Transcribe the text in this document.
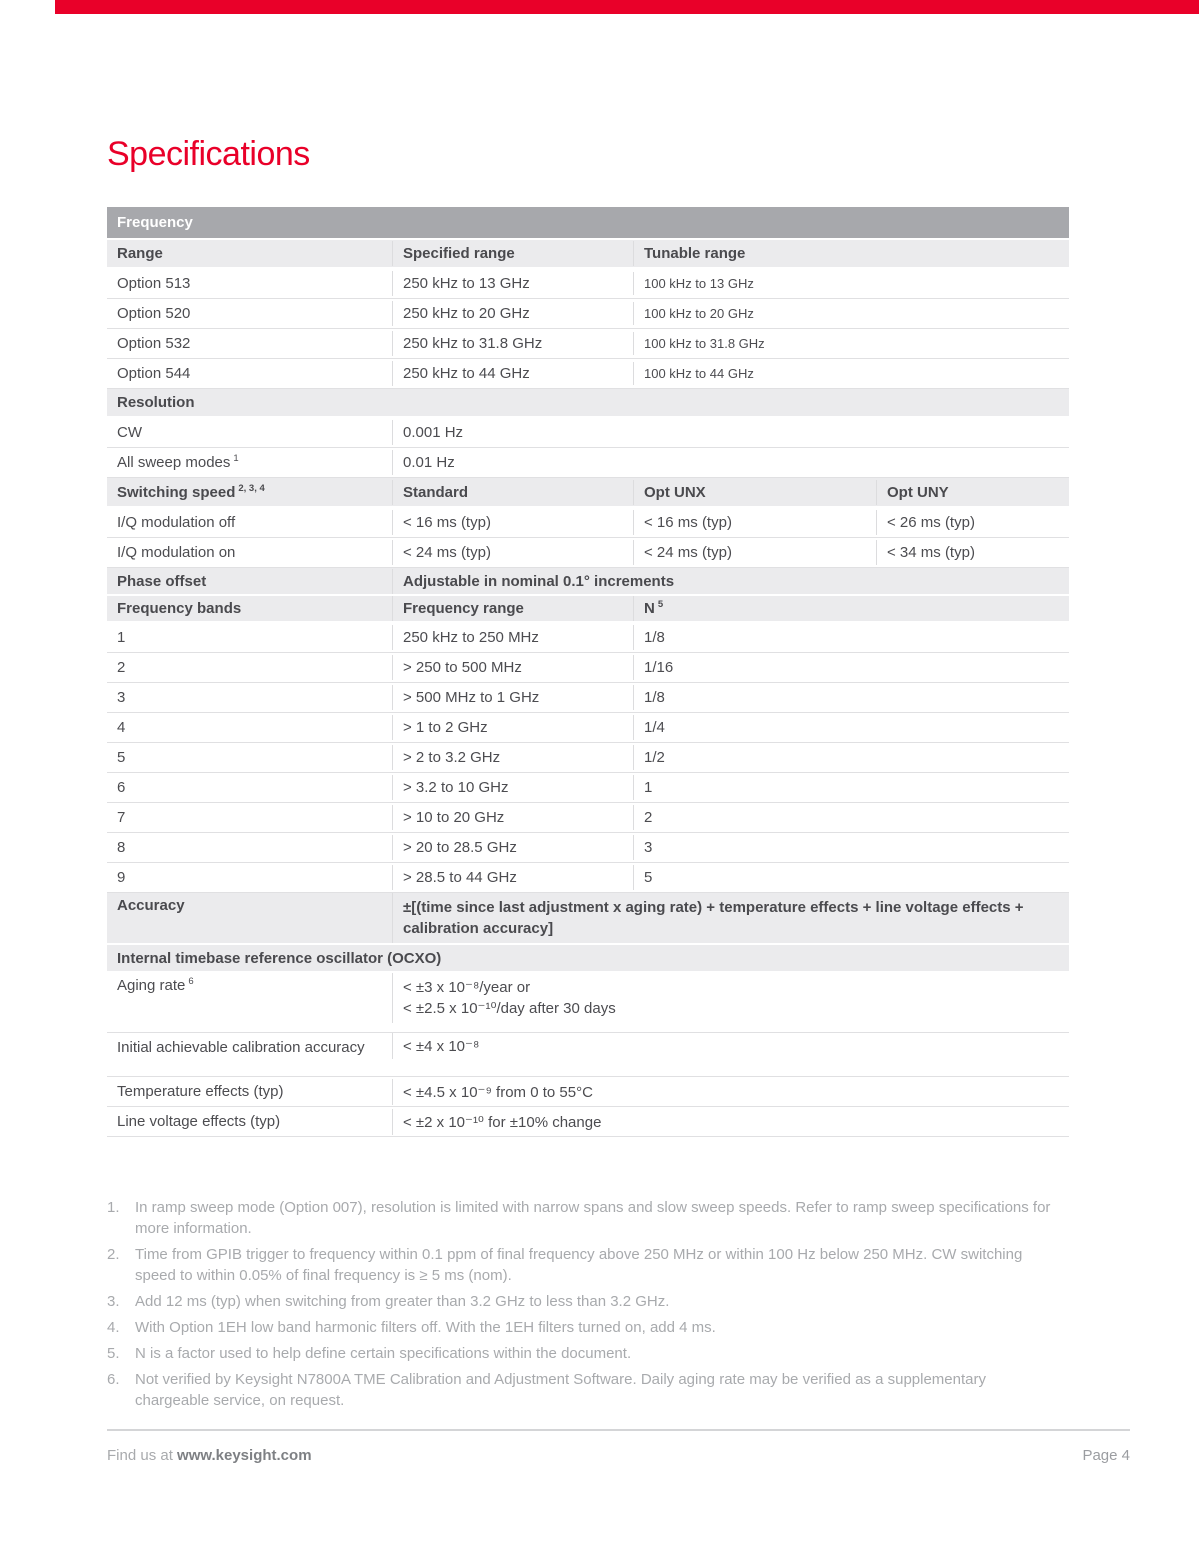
Specifications
Frequency
Range	Specified range	Tunable range
Option 513	250 kHz to 13 GHz	100 kHz to 13 GHz
Option 520	250 kHz to 20 GHz	100 kHz to 20 GHz
Option 532	250 kHz to 31.8 GHz	100 kHz to 31.8 GHz
Option 544	250 kHz to 44 GHz	100 kHz to 44 GHz
Resolution
CW	0.001 Hz
All sweep modes $^1$	0.01 Hz
Switching speed $^{2, 3, 4}$	Standard	Opt UNX	Opt UNY
I/Q modulation off	< 16 ms (typ)	< 16 ms (typ)	< 26 ms (typ)
I/Q modulation on	< 24 ms (typ)	< 24 ms (typ)	< 34 ms (typ)
Phase offset	Adjustable in nominal 0.1° increments
Frequency bands	Frequency range	N $^5$
1	250 kHz to 250 MHz	1/8
2	> 250 to 500 MHz	1/16
3	> 500 MHz to 1 GHz	1/8
4	> 1 to 2 GHz	1/4
5	> 2 to 3.2 GHz	1/2
6	> 3.2 to 10 GHz	1
7	> 10 to 20 GHz	2
8	> 20 to 28.5 GHz	3
9	> 28.5 to 44 GHz	5
Accuracy	±[(time since last adjustment x aging rate) + temperature effects + line voltage effects + calibration accuracy]
Internal timebase reference oscillator (OCXO)
Aging rate $^6$	< ±3 x 10⁻⁸/year or
< ±2.5 x 10⁻¹⁰/day after 30 days
Initial achievable calibration accuracy	< ±4 x 10⁻⁸
Temperature effects (typ)	< ±4.5 x 10⁻⁹ from 0 to 55°C
Line voltage effects (typ)	< ±2 x 10⁻¹⁰ for ±10% change
1.	In ramp sweep mode (Option 007), resolution is limited with narrow spans and slow sweep speeds. Refer to ramp sweep specifications for more information.
2.	Time from GPIB trigger to frequency within 0.1 ppm of final frequency above 250 MHz or within 100 Hz below 250 MHz. CW switching speed to within 0.05% of final frequency is ≥ 5 ms (nom).
3.	Add 12 ms (typ) when switching from greater than 3.2 GHz to less than 3.2 GHz.
4.	With Option 1EH low band harmonic filters off. With the 1EH filters turned on, add 4 ms.
5.	N is a factor used to help define certain specifications within the document.
6.	Not verified by Keysight N7800A TME Calibration and Adjustment Software. Daily aging rate may be verified as a supplementary chargeable service, on request.
Find us at www.keysight.com	Page 4
